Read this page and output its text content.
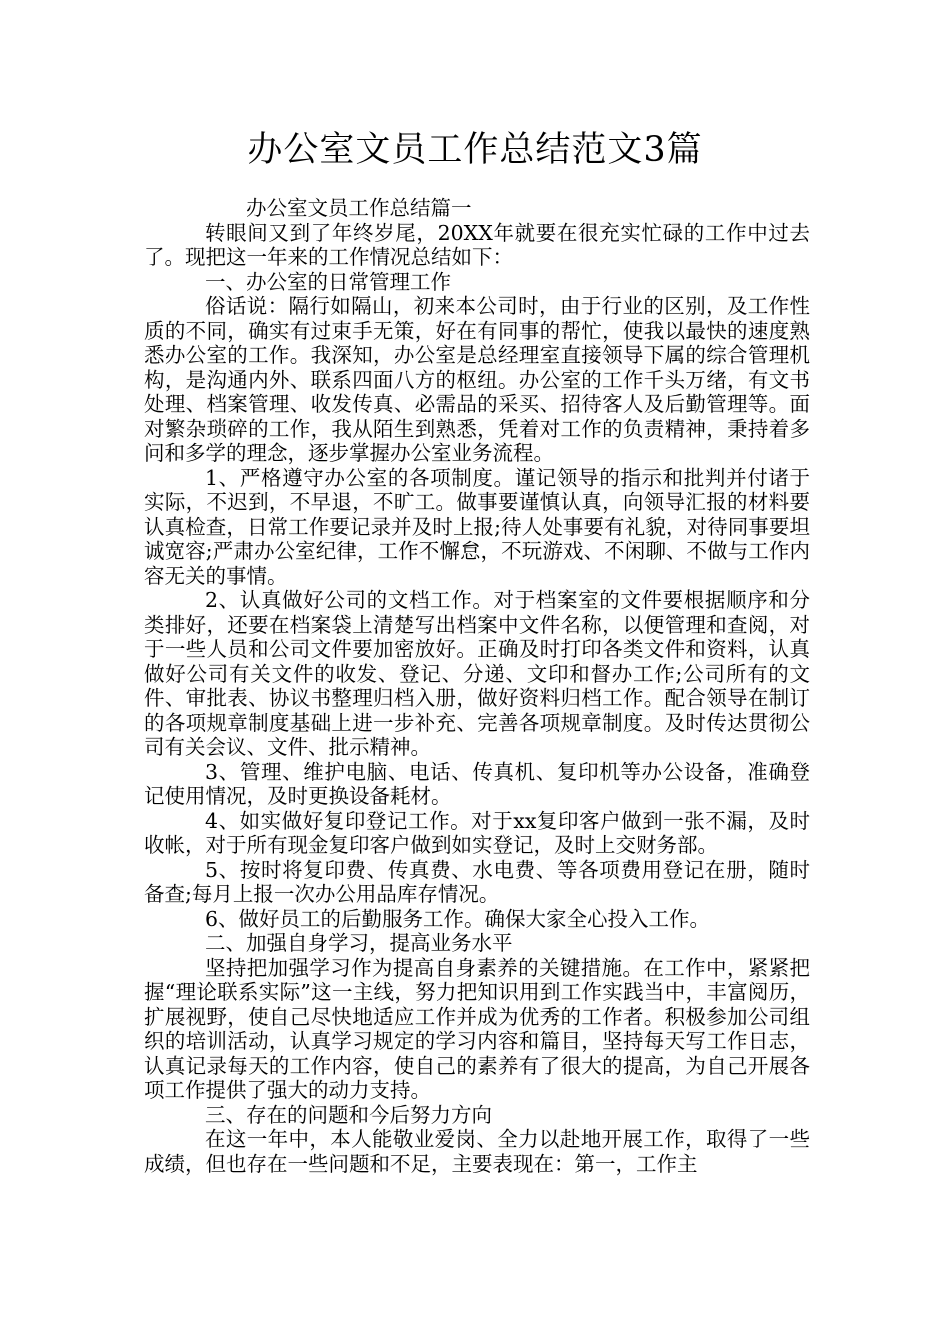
办公室文员工作总结范文3篇

办公室文员工作总结篇一

转眼间又到了年终岁尾，20XX年就要在很充实忙碌的工作中过去了。现把这一年来的工作情况总结如下：

一、办公室的日常管理工作

俗话说：隔行如隔山，初来本公司时，由于行业的区别，及工作性质的不同，确实有过束手无策，好在有同事的帮忙，使我以最快的速度熟悉办公室的工作。我深知，办公室是总经理室直接领导下属的综合管理机构，是沟通内外、联系四面八方的枢纽。办公室的工作千头万绪，有文书处理、档案管理、收发传真、必需品的采买、招待客人及后勤管理等。面对繁杂琐碎的工作，我从陌生到熟悉，凭着对工作的负责精神，秉持着多问和多学的理念，逐步掌握办公室业务流程。

1、严格遵守办公室的各项制度。谨记领导的指示和批判并付诸于实际，不迟到，不早退，不旷工。做事要谨慎认真，向领导汇报的材料要认真检查，日常工作要记录并及时上报;待人处事要有礼貌，对待同事要坦诚宽容;严肃办公室纪律，工作不懈怠，不玩游戏、不闲聊、不做与工作内容无关的事情。

2、认真做好公司的文档工作。对于档案室的文件要根据顺序和分类排好，还要在档案袋上清楚写出档案中文件名称，以便管理和查阅，对于一些人员和公司文件要加密放好。正确及时打印各类文件和资料，认真做好公司有关文件的收发、登记、分递、文印和督办工作;公司所有的文件、审批表、协议书整理归档入册，做好资料归档工作。配合领导在制订的各项规章制度基础上进一步补充、完善各项规章制度。及时传达贯彻公司有关会议、文件、批示精神。

3、管理、维护电脑、电话、传真机、复印机等办公设备，准确登记使用情况，及时更换设备耗材。

4、如实做好复印登记工作。对于xx复印客户做到一张不漏，及时收帐，对于所有现金复印客户做到如实登记，及时上交财务部。

5、按时将复印费、传真费、水电费、等各项费用登记在册，随时备查;每月上报一次办公用品库存情况。

6、做好员工的后勤服务工作。确保大家全心投入工作。

二、加强自身学习，提高业务水平

坚持把加强学习作为提高自身素养的关键措施。在工作中，紧紧把握“理论联系实际”这一主线，努力把知识用到工作实践当中，丰富阅历，扩展视野，使自己尽快地适应工作并成为优秀的工作者。积极参加公司组织的培训活动，认真学习规定的学习内容和篇目，坚持每天写工作日志，认真记录每天的工作内容，使自己的素养有了很大的提高，为自己开展各项工作提供了强大的动力支持。

三、存在的问题和今后努力方向

在这一年中，本人能敬业爱岗、全力以赴地开展工作，取得了一些成绩，但也存在一些问题和不足，主要表现在：第一，工作主
